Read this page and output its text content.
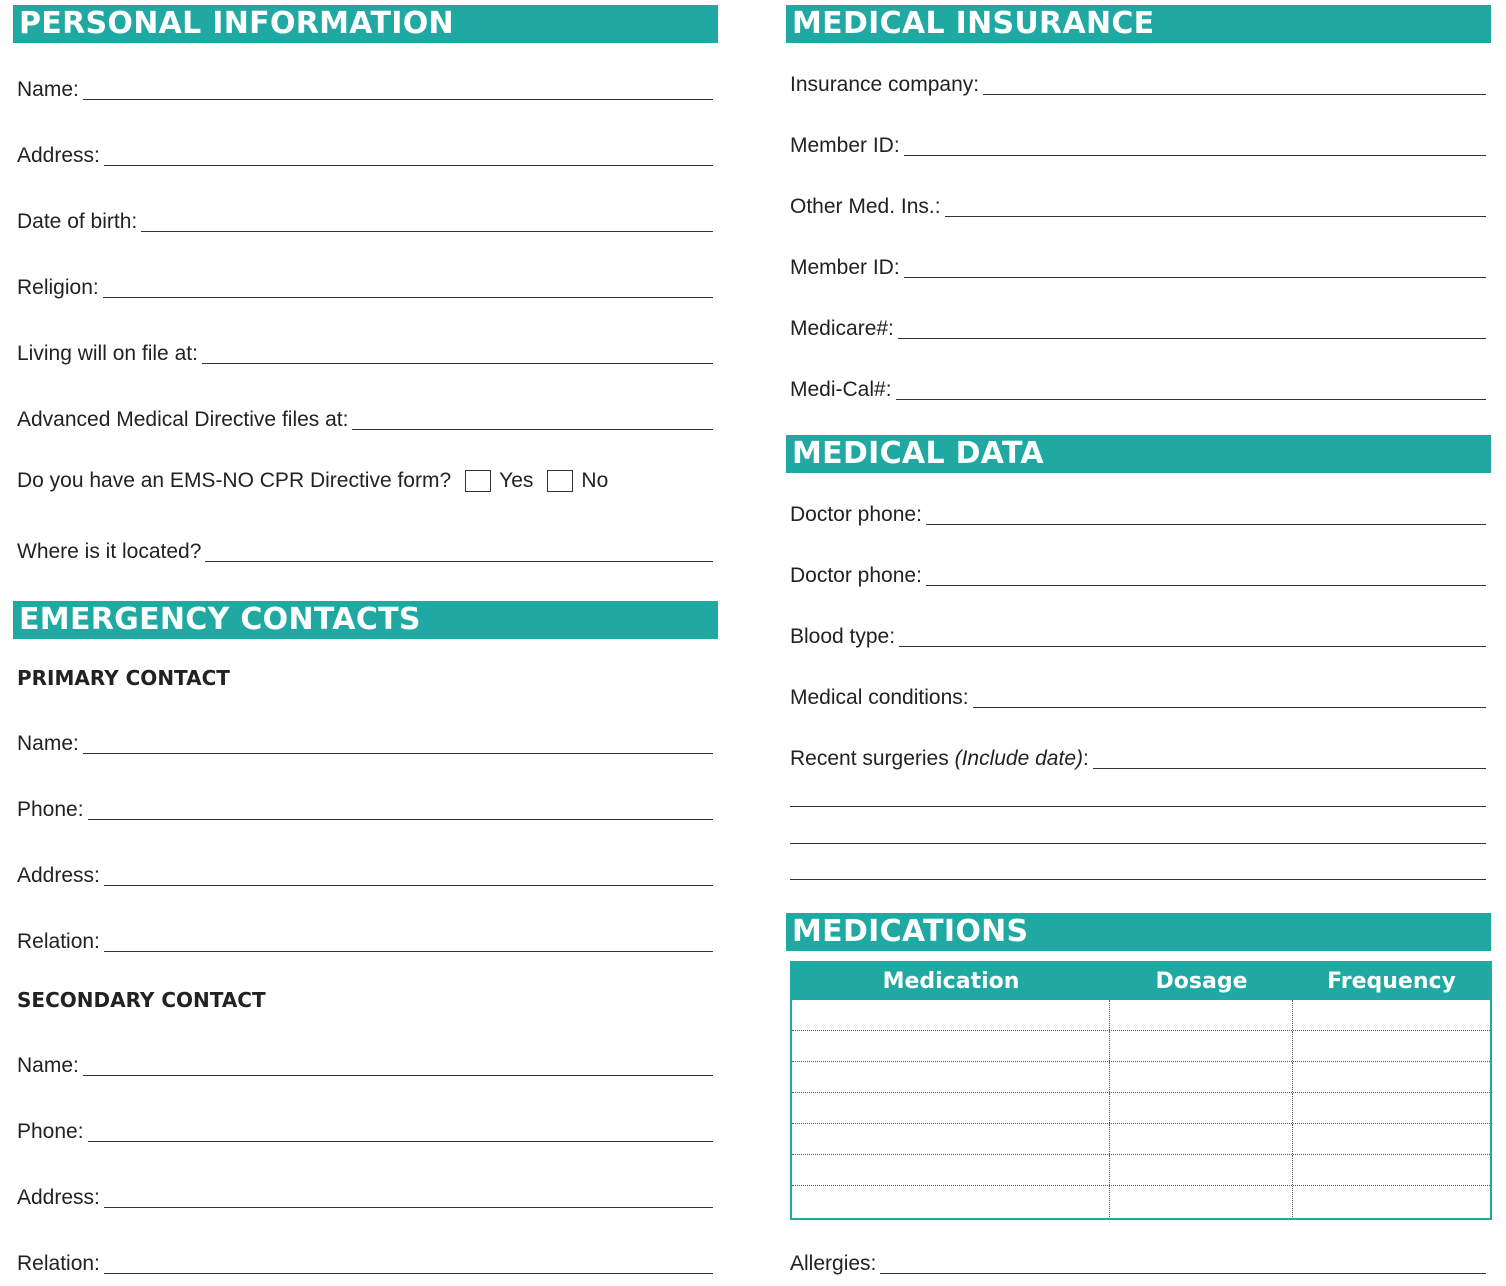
PERSONAL INFORMATION
Name:
Address:
Date of birth:
Religion:
Living will on file at:
Advanced Medical Directive files at:
Do you have an EMS-NO CPR Directive form? Yes No
Where is it located?
EMERGENCY CONTACTS
PRIMARY CONTACT
Name:
Phone:
Address:
Relation:
SECONDARY CONTACT
Name:
Phone:
Address:
Relation:
MEDICAL INSURANCE
Insurance company:
Member ID:
Other Med. Ins.:
Member ID:
Medicare#:
Medi-Cal#:
MEDICAL DATA
Doctor phone:
Doctor phone:
Blood type:
Medical conditions:
Recent surgeries (Include date):
MEDICATIONS
Medication	Dosage	Frequency
Allergies:
